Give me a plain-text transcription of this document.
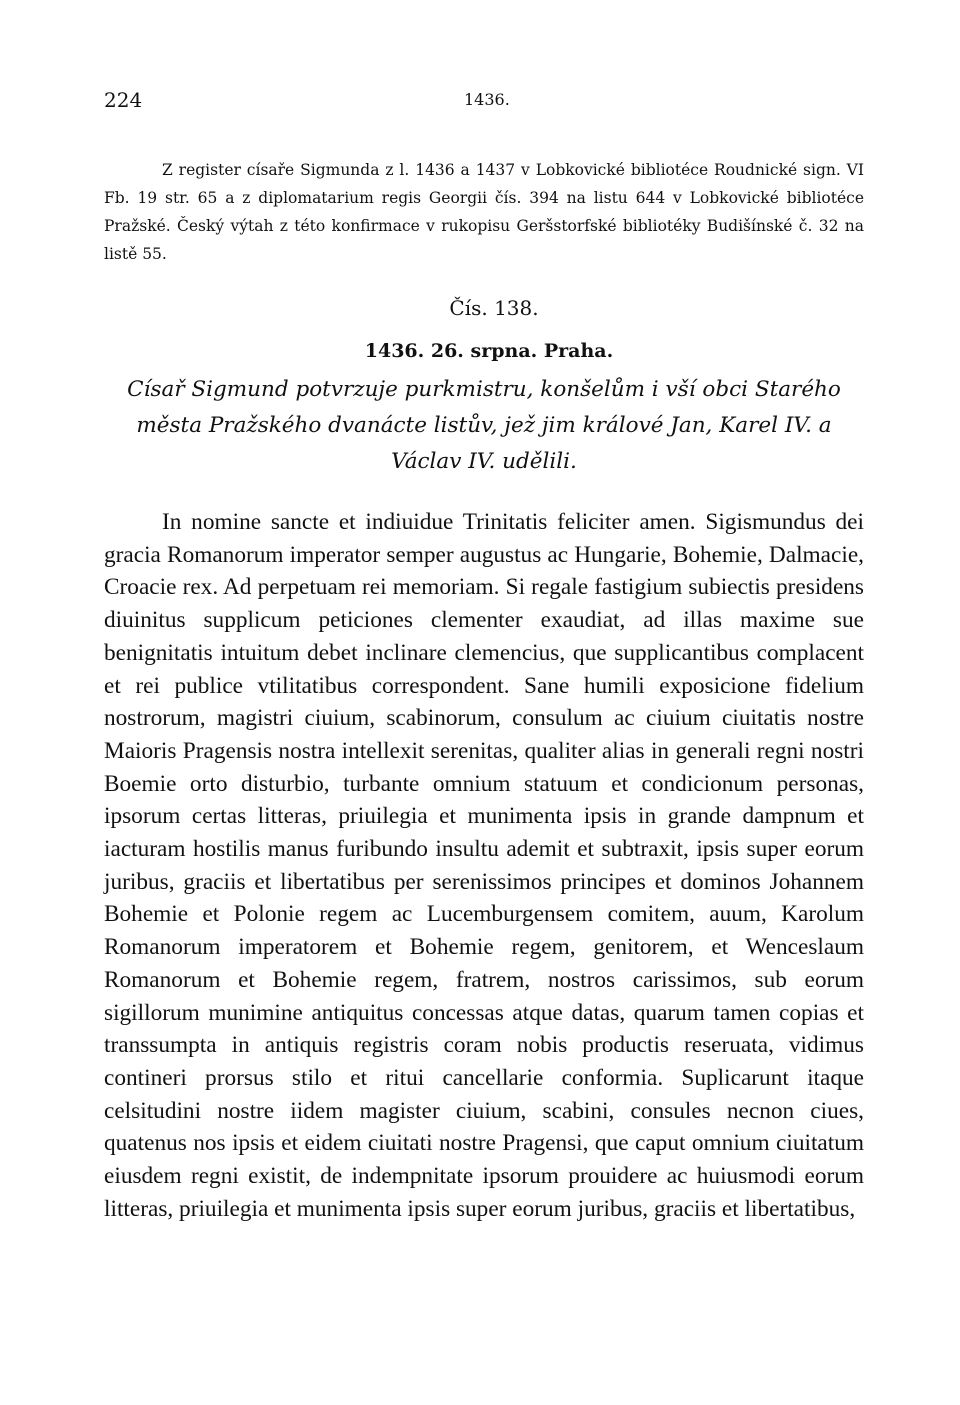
224	1436.

Z register císaře Sigmunda z l. 1436 a 1437 v Lobkovické bibliotéce Roudnické sign. VI Fb. 19 str. 65 a z diplomatarium regis Georgii čís. 394 na listu 644 v Lobkovické bibliotéce Pražské. Český výtah z této konfirmace v rukopisu Geršstorfské bibliotéky Budišínské č. 32 na listě 55.

Čís. 138.
1436. 26. srpna. Praha.
Císař Sigmund potvrzuje purkmistru, konšelům i vší obci Starého města Pražského dvanácte listův, jež jim králové Jan, Karel IV. a Václav IV. udělili.

In nomine sancte et indiuidue Trinitatis feliciter amen. Sigismundus dei gracia Romanorum imperator semper augustus ac Hungarie, Bohemie, Dalmacie, Croacie rex. Ad perpetuam rei memoriam. Si regale fastigium subiectis presidens diuinitus supplicum peticiones clementer exaudiat, ad illas maxime sue benignitatis intuitum debet inclinare clemencius, que supplicantibus complacent et rei publice vtilitatibus correspondent. Sane humili exposicione fidelium nostrorum, magistri ciuium, scabinorum, consulum ac ciuium ciuitatis nostre Maioris Pragensis nostra intellexit serenitas, qualiter alias in generali regni nostri Boemie orto disturbio, turbante omnium statuum et condicionum personas, ipsorum certas litteras, priuilegia et munimenta ipsis in grande dampnum et iacturam hostilis manus furibundo insultu ademit et subtraxit, ipsis super eorum juribus, graciis et libertatibus per serenissimos principes et dominos Johannem Bohemie et Polonie regem ac Lucemburgensem comitem, auum, Karolum Romanorum imperatorem et Bohemie regem, genitorem, et Wenceslaum Romanorum et Bohemie regem, fratrem, nostros carissimos, sub eorum sigillorum munimine antiquitus concessas atque datas, quarum tamen copias et transsumpta in antiquis registris coram nobis productis reseruata, vidimus contineri prorsus stilo et ritui cancellarie conformia. Suplicarunt itaque celsitudini nostre iidem magister ciuium, scabini, consules necnon ciues, quatenus nos ipsis et eidem ciuitati nostre Pragensi, que caput omnium ciuitatum eiusdem regni existit, de indempnitate ipsorum prouidere ac huiusmodi eorum litteras, priuilegia et munimenta ipsis super eorum juribus, graciis et libertatibus,
